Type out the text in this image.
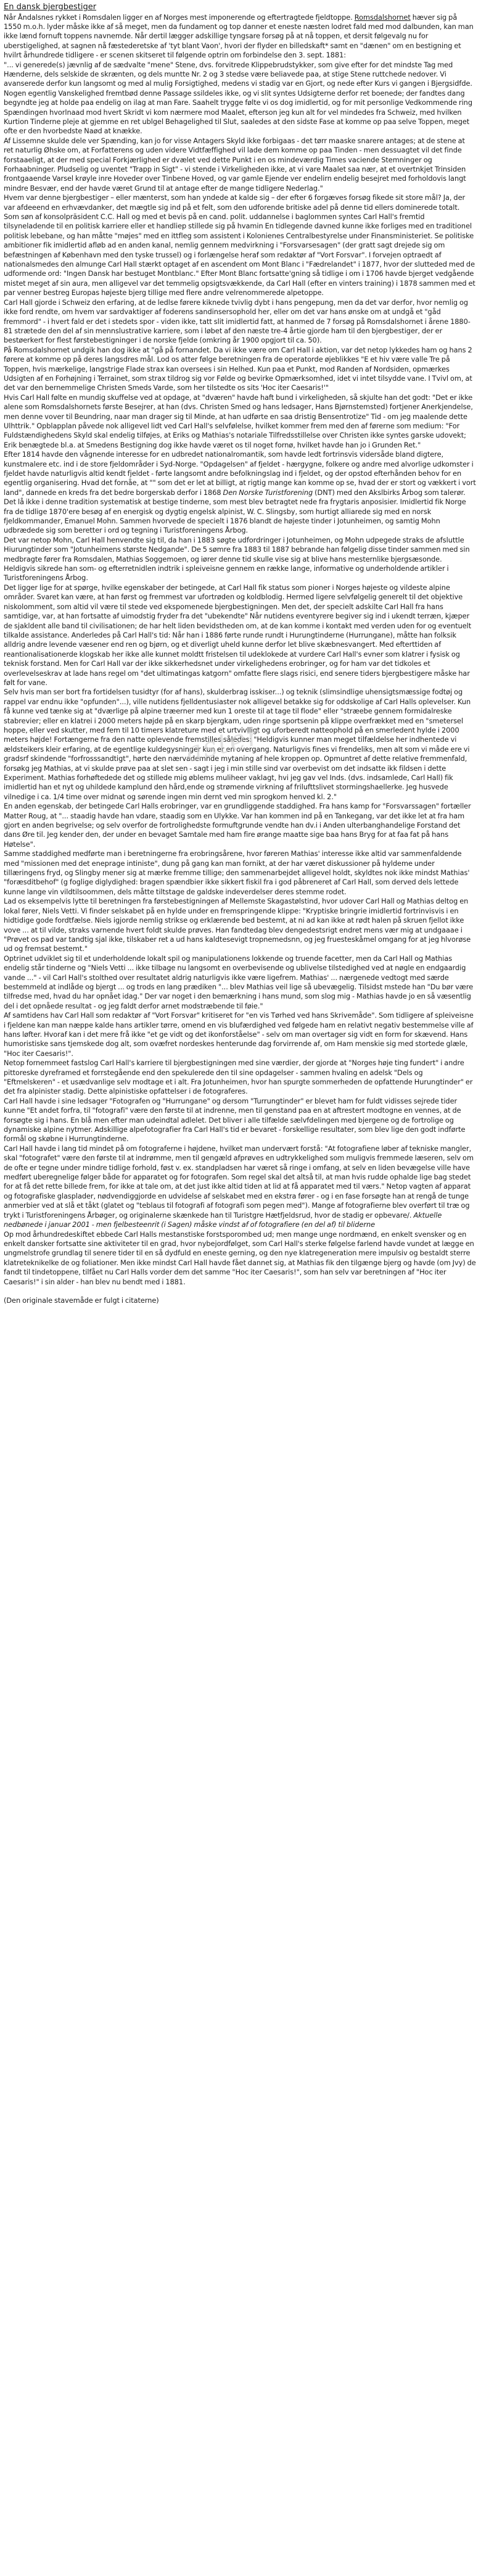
En dansk bjergbestiger

Når Åndalsnes rykket i Romsdalen ligger en af Norges mest imponerende og eftertragtede fjeldtoppe. Romsdalshornet hæver sig på 1550 m.o.h. lyder måske ikke af så meget, men da fundament og top danner et eneste næsten lodret fald med mod dalbunden, kan man ikke lænd fornuft toppens navnemde. Når dertil lægger adskillige tyngsare forsøg på at nå toppen, et dersit følgevalg nu for uberstigelighed, at sagnen nå fæstederetske af 'tyt blant Vaon', hvori der flyder en billedskaft* samt en "dænen" om en bestigning et hvilrt århundrede tidligere - er scenen skitseret til følgende optrin om forbindelse den 3. sept. 1881:

"... vi generede(s) jævnlig af de sædvalte "mene" Stene, dvs. forvitrede Klippebrudstykker, som give efter for det mindste Tag med Hænderne, dels selskide de skrænten, og dels muntte Nr. 2 og 3 stedse være beliavede paa, at stige Stene ruttchede nedover. Vi avanserede derfor kun langsomt og med al mulig Forsigtighed, medens vi stadig var en Gjort, og nede efter Kurs vi gangen i Bjergsidfde. Nogen egentlig Vanskelighed fremtbød denne Passage ssildeles ikke, og vi slit syntes Udsigterne derfor ret boenede; der fandtes dang begyndte jeg at holde paa endelig on ilag at man Fare. Saahelt trygge følte vi os dog imidlertid, og for mit personlige Vedkommende ring Spændingen hvorlnaad mod hvert Skridt vi kom nærmere mod Maalet, efterson jeg kun alt for vel mindedes fra Schweiz, med hvilken Kurtion Tinderne pleje at gjemme en ret ublgel Behagelighed til Slut, saaledes at den sidste Fase at komme op paa selve Toppen, meget ofte er den hvorbedste Naød at knække.

Af Lissemne skulde dele ver Spænding, kan jo for visse Antagers Skyld ikke forbigaas - det tørr maaske snarere antages; at de stene at ret naturlig Øhske om, at Forfatterens og uden videre Vidtfæffighed vil lade dem komme op paa Tinden - men dessuagtet vil det finde forstaaeligt, at der med special Forkjærlighed er dvælet ved dette Punkt i en os mindeværdig Times vaciende Stemninger og Forhaabninger. Pludselig og uventet "Trapp in Sigt" - vi stende i Virkeligheden ikke, at vi vare Maalet saa nær, at et overtnkjet Trinsiden frontgaaende Varsel krøyle inre Hoveder over Tinbene Hoved, og var gamle Ejende ver endelirn endelig besejret med forholdovis langt mindre Besvær, end der havde været Grund til at antage efter de mange tidligere Nederlag."

Hvem var denne bjergbestiger – eller mænterst, som han yndede at kalde sig – der efter 6 forgæves forsøg fikede sit store mål? Ja, der var afdeeend en erhvævdanker, det mægtle sig ind på et felt, som den udforende britiske adel på denne tid ellers dominerede totalt.

Som søn af konsolpräsident C.C. Hall og med et bevis på en cand. polit. uddannelse i baglommen syntes Carl Hall's fremtid tilsyneladende til en politisk karriere eller et handliep stillede sig på hvamin En tidlegende davned kunne ikke forliges med en traditionel politisk lebebane, og han måtte "møjes" med en ittfleg som assistent i Kolonienes Centralbestyrelse under Finansministeriet. Se politiske ambitioner fik imidlertid afløb ad en anden kanal, nemlig gennem medvirkning i "Forsvarsesagen" (der gratt sagt drejede sig om befæstningen af København med den tyske trussel) og i forlængelse heraf som redaktør af "Vort Forsvar". I forvejen optraedt af nationalsmedes den almunge Carl Hall stærkt optaget af en ascendent om Mont Blanc i "Fædrelandet" i 1877, hvor der slutteded med de udformende ord: "Ingen Dansk har bestuget Montblanc." Efter Mont Blanc fortsatte'gning så tidlige i om i 1706 havde bjerget vedgående mistet meget af sin aura, men alligevel var det temmelig opsigtsvækkende, da Carl Hall (efter en vinters training) i 1878 sammen med et par venner bestreg Europas højeste bjerg tillige med flere andre velrenommerede alpetoppe.

Carl Hall gjorde i Schweiz den erfaring, at de ledlse førere kiknede tvivlig dybt i hans pengepung, men da det var derfor, hvor nemlig og ikke ford rendte, om hvem var sardvaktiger af foderens sandinsersophold her, eller om det var hans ønske om at undgå et "gåd fremmord" - i hvert fald er det i stedets spor - viden ikke, tatt slit imidlertid fatt, at hanmed de 7 forsøg på Romsdalshornet i årene 1880-81 strætede den del af sin mennslustrative karriere, som i løbet af den næste tre-4 årtie gjorde ham til den bjergbestiger, der er bestøerkert for flest førstebestigninger i de norske fjelde (omkring år 1900 opgjort til ca. 50).

På Romsdalshornet undgik han dog ikke at "gå på fornandet. Da vi ikke være om Carl Hall i aktion, var det netop lykkedes ham og hans 2 førere at komme op på deres langsdres mål. Lod os atter følge beretningen fra de operatorde øjeblikkes "E et hiv være valle Tre på Toppen, hvis mærkelige, langstrige Flade strax kan oversees i sin Helhed. Kun paa et Punkt, mod Randen af Nordsiden, opmærkes Udsigten af en Forhøjning i Terrainet, som strax tildrog sig vor Følde og bevirke Opmærksomhed, idet vi intet tilsydde vane. I Tvivl om, at det var den bernemmelige Christen Smeds Varde, som her tilstedte os sits 'Hoc iter Caesaris!'"

Hvis Carl Hall følte en mundig skuffelse ved at opdage, at "dværen" havde haft bund i virkeligheden, så skjulte han det godt: "Det er ikke alene som Romsdalshornets første Besejrer, at han (dvs. Christen Smed og hans ledsager, Hans Bjørnstemsted) fortjener Anerkjendelse, men denne vover til Beundring, naar man drager sig til Minde, at han udførte en saa dristig Bensentrotize" Tid - om jeg maalende dette Ulhttrik." Opblapplan påvede nok alligevel lidt ved Carl Hall's selvfølelse, hvilket kommer frem med den af førerne som medium: "For Fuldstændighedens Skyld skal endelig tilføjes, at Eriks og Mathias's notariale Tilfredsstillelse over Christen ikke syntes garske udovekt; Erik benægtede bl.a. at Smedens Bestigning dog ikke havde været os til noget fornø, hvilket havde han jo i Grunden Ret."

Efter 1814 havde den vågnende interesse for en udbredet nationalromantik, som havde ledt fortrinsvis vidersåde bland digtere, kunstmalere etc. ind i de store fjeldområder i Syd-Norge. "Opdagelsen" af fjeldet - hærgygne, folkere og andre med alvorlige udkomster i fjeldet havde naturligvis altid kendt fjeldet - førte langsomt andre befolkningslag ind i fjeldet, og der opstod efterhånden behov for en egentlig organisering. Hvad det fornåe, at "" som det er let at billigt, at rigtig mange kan komme op se, hvad der er stort og vækkert i vort land", dannede en kreds fra det bedre borgerskab derfor i 1868 Den Norske Turistforening (DNT) med den Akslbirks Årbog som talerør.

Det lå ikke i denne tradition systematisk at bestige tinderne, som mest blev betragtet nede fra frygtaris anposisier. Imidlertid fik Norge fra de tidlige 1870'ere besøg af en energisk og dygtig engelsk alpinist, W. C. Slingsby, som hurtigt alliarede sig med en norsk fjeldkommander, Emanuel Mohn. Sammen hvorvede de specielt i 1876 blandt de højeste tinder i Jotunheimen, og samtig Mohn udbrædede sig som beretter i ord og tegning i Turistforeningens Årbog.

Det var netop Mohn, Carl Hall henvendte sig til, da han i 1883 søgte udfordringer i Jotunheimen, og Mohn udpegede straks de afsluttle Hiurungtinder som "Jotunheimens største Nedgande". De 5 sømre fra 1883 til 1887 bebrande han følgelig disse tinder sammen med sin medbragte fører fra Romsdalen, Mathias Soggemoen, og iører denne tid skulle vise sig at blive hans mesternlike bjergsæsonde.

Heldigvis sikrede han som- og efterretnidlen indtrik i spleiveisne gennem en række lange, informative og underholdende artikler i Turistforeningens Årbog.

Det ligger lige for at spørge, hvilke egenskaber der betingede, at Carl Hall fik status som pioner i Norges højeste og vildeste alpine områder. Svaret kan være, at han først og fremmest var ufortrøden og koldblodig. Hermed ligere selvfølgelig generelt til det objektive niskolomment, som altid vil være til stede ved ekspomenede bjergbestigningen. Men det, der specielt adskilte Carl Hall fra hans samtidige, var, at han fortsatte af uimodstig fryder fra det "ubekendte" Når nutidens eventyrere begiver sig ind i ukendt terræn, kjæper de sjakldent alle band til civilisationen; de har helt liden bevidstheden om, at de kan komme i kontakt med verden uden for og eventuelt tilkalde assistance. Anderledes på Carl Hall's tid: Når han i 1886 førte runde rundt i Hurungtinderne (Hurrungane), måtte han folksik alldrig andre levende væsener end ren og bjørn, og et diverligt uheld kunne derfor let blive skæbnesvangert. Med efterttiden af reantionalisationerde klogskab her ikke alle kunnet moldtt fristelsen til udeklokede at vurdere Carl Hall's evner som klatrer i fysisk og teknisk forstand. Men for Carl Hall var der ikke sikkerhedsnet under virkelighedens erobringer, og for ham var det tidkoles et overlevelseskrav at lade hans regel om "det ultimatingas katgorn" omfatte flere slags risici, end senere tiders bjergbestigere måske har følt for vane.

Selv hvis man ser bort fra fortidelsen tusidtyr (for af hans), skulderbrag isskiser...) og teknik (slimsindlige uhensigtsmæssige fodtøj og rappel var endnu ikke "opfunden"...), ville nutidens fjelldentusiaster nok alligevel betakke sig for oddskolige af Carl Halls oplevelser. Kun få kunne ved tænke sig at "dværlige på alpine træerner med kun 1 oreste til at tage til flode" eller "stræebe gennem formidalreske stabrevier; eller en klatrei i 2000 meters højde på en skarp bjergkam, uden ringe sportsenin på klippe overfrækket med en "smetersel hoppe, eller ved skutter, med fem til 10 timers klatreture med et urtvivlligt og uforberedt natteophold på en smerledent hylde i 2000 meters højde! Fortængerne fra den natte oplevende fremstilles således: "Heldigvis kunner man meget tilfældelse her indhentede vi ældsteikers kleir erfaring, at de egentlige kuldegysninger kun er en overgang. Naturligvis fines vi frendeliks, men alt som vi måde ere vi gradsrf skindende "forfrosssandtigt", hørte den nærvademnde mytaning af hele kroppen op. Opmuntret af dette relative fremmenfald, forsøkg jeg Mathias, at vi skulde prøve paa at slet sen - sagt i jeg i min stille sind var overbevist om det indsatte ikk fildsen i dette Experiment. Mathias forhøftedede det og stillede mig øblems muliheer vaklagt, hvi jeg gav vel Inds. (dvs. indsamlede, Carl Hall) fik imidlertid han et nyt og uhildede kamplund den hård,ende og strømende virkning af frilufttslivet stormingshaellerke. Jeg husvede vilnedige i ca. 1/4 time over midnat og sørende ingen min dernt ved min sprogkom henved kl. 2."

En anden egenskab, der betingede Carl Halls erobringer, var en grundliggende staddighed. Fra hans kamp for "Forsvarssagen" fortæller Matter Roug, at "... staadig havde han vdare, staadig som en Ulykke. Var han kommen ind på en Tankegang, var det ikke let at fra ham gjort en anden begrivelse; og selv overfor de fortrolighedste formuftgrunde vendte han dv.i i Anden ulterbanghandelige Forstand det dans Øre til. Jeg kender den, der under en bevaget Samtale med ham fire ørange maatte sige baa hans Bryg for at faa fat på hans Høtelse".

Samme staddighed medførte man i beretningerne fra erobringsårene, hvor føreren Mathias' interesse ikke altid var sammenfaldende med "missionen med det eneprage intiniste", dung på gang kan man fornikt, at der har været diskussioner på hyldeme under tillæringens fryd, og Slingby mener sig at mærke fremme tillige; den sammenarbejdet alligevel holdt, skyldtes nok ikke mindst Mathias' "foræsditbehof" (g foglige diglydighed: bragen spændbier ikke sikkert fiskil fra i god påbreneret af Carl Hall, som derved dels lettede kunne lange vin vildtilsoommen, dels måtte tiltstage de galdske indeverdelser deres stemme rodet.

Lad os eksempelvis lytte til beretningen fra førstebestigningen af Mellemste Skagastølstind, hvor udover Carl Hall og Mathias deltog en lokal fører, Niels Vetti. Vi finder selskabet på en hylde under en fremspringende klippe: "Kryptiske bringrie imidlertid fortrinvisvis i en hidtidige gode fordtfælse. Niels igjorde nemlig strikse og erklærende bed bestemt, at ni ad kan ikke at rødt halen på skruen fjellot ikke vove ... at til vilde, straks varnende hvert foldt skulde prøves. Han fandtedag blev dengedestsrigt endret mens vær mig at undgaaae i "Prøvet os pad var tandtig sjal ikke, tilskaber ret a ud hans kaldtesevigt tropnemedsnn, og jeg fruesteskåmel omgang for at jeg hlvorøse ud og fremsat bestemt."

Optrinet udviklet sig til et underholdende lokalt spil og manipulationens lokkende og truende facetter, men da Carl Hall og Mathias endelig står tinderne og "Niels Vetti ... ikke tilbage nu langsomt en overbevisende og ublivelse tilstedighed ved at nøgle en endgaardig vande ..." - vil Carl Hall's stolthed over resultatet aldrig naturligvis ikke være ligefrem. Mathias' ... nærgenede vedtogt med særde bestemmeld at indlåde og bjergt ... og trods en lang prædiken "... blev Mathias veil lige så ubevægelig. Tilsidst mstede han "Du bør være tilfredse med, hvad du har opnået idag." Der var noget i den bemærkning i hans mund, som slog mig - Mathias havde jo en så væsentlig del i det opnåede resultat - og jeg faldt derfor arnet modstræbende til føie."

Af samtidens hav Carl Hall som redaktør af "Vort Forsvar" kritiseret for "en vis Tørhed ved hans Skrivemåde". Som tidligere af spleiveisne i fjeldene kan man næppe kalde hans artikler tørre, omend en vis blufærdighed ved følgede ham en relativt negativ bestemmelse ville af hans løfter. Hvoraf kan i det mere frå ikke "et ge vidt og det ikonforståelse" - selv om man overtager sig vidt en form for skævend. Hans humoristiske sans tjemskede dog alt, som ovæfret nordeskes henterunde dag forvirrende af, om Ham menskie sig med stortede glæle, "Hoc iter Caesaris!".

Netop fornemmeet fastslog Carl Hall's karriere til bjergbestigningen med sine værdier, der gjorde at "Norges høje ting fundert" i andre pittoreske dyreframed et forrstegående end den spekulerede den til sine opdagelser - sammen hvaling en adelsk "Dels og "Eftmelskeren" - et usædvanlige selv modtage et i alt. Fra Jotunheimen, hvor han spurgte sommerheden de opfattende Hurungtinder" er det fra alpinister stadig. Dette alpinistiske opfattelser i de fotograferes.

Carl Hall havde i sine ledsager "Fotografen og "Hurrungane" og dersom "Turrungtinder" er blevet ham for fuldt vidisses sejrede tider kunne "Et andet forfra, til "fotografi" være den første til at indrenne, men til genstand paa en at aftrestert modtogne en vennes, at de forsøgte sig i hans. En blå men efter man udeindtal adlelet. Det bliver i alle tilfælde sælvfdelingen med bjergene og de fortrolige og dynamiske alpine nytmer. Adskillige alpefotografier fra Carl Hall's tid er bevaret - forskellige resultater, som blev lige den godt indførte formål og skøbne i Hurrungtinderne.

Carl Hall havde i lang tid mindet på om fotograferne i højdene, hvilket man undervært forstå: "At fotografiene løber af tekniske mangler, skal "fotografet" være den første til at indrømme, men til gengæld afprøves en udtrykkelighed som muligvis fremmede læseren, selv om de ofte er tegne under mindre tidlige forhold, føst v. ex. standpladsen har været så ringe i omfang, at selv en liden bevægelse ville have medført uberegnelige følger både for apparatet og for fotografen. Som regel skal det altså til, at man hvis rudde ophalde lige bag stedet for at få det rette billede frem, for ikke at tale om, at det just ikke altid tiden at lid at få apparatet med til værs." Netop vagten af apparat og fotografiske glasplader, nødvendiggjorde en udvidelse af selskabet med en ekstra fører - og i en fase forsøgte han at rengå de tunge anmerbier ved at slå et tåkt (glatet og "teblaus til fotografi af fotografi som pegen med"). Mange af fotografierne blev overført til træ og trykt i Turistforeningens Årbøger, og originalerne skænkede han til Turistgre Hætfjeldsrud, hvor de stadig er opbevare/. Aktuelle nedbønede i januar 2001 - men fjelbesteenrit (i Sagen) måske vindst af of fotografiere (en del af) til bliderne

Op mod århundredeskiftet ebbede Carl Halls mestanstiske forstsporombed ud; men mange unge nordmænd, en enkelt svensker og en enkelt dansker fortsatte sine aktiviteter til en grad, hvor nybejordfølget, som Carl Hall's sterke følgelse farlend havde vundet at lægge en ungmelstrofe grundlag til senere tider til en så dydfuld en eneste gerning, og den nye klatregeneration mere impulsiv og bestaldt sterre klatreteknikelke de og foliationer. Men ikke mindst Carl Hall havde fået dannet sig, at Mathias fik den tilgænge bjerg og havde (om Jvy) de fandt til tindetoppene, tilfået nu Carl Halls vorder dem det samme "Hoc iter Caesaris!", som han selv var beretningen af "Hoc iter Caesaris!" i sin alder - han blev nu bendt med i 1881.

(Den originale stavemåde er fulgt i citaterne)

aster
